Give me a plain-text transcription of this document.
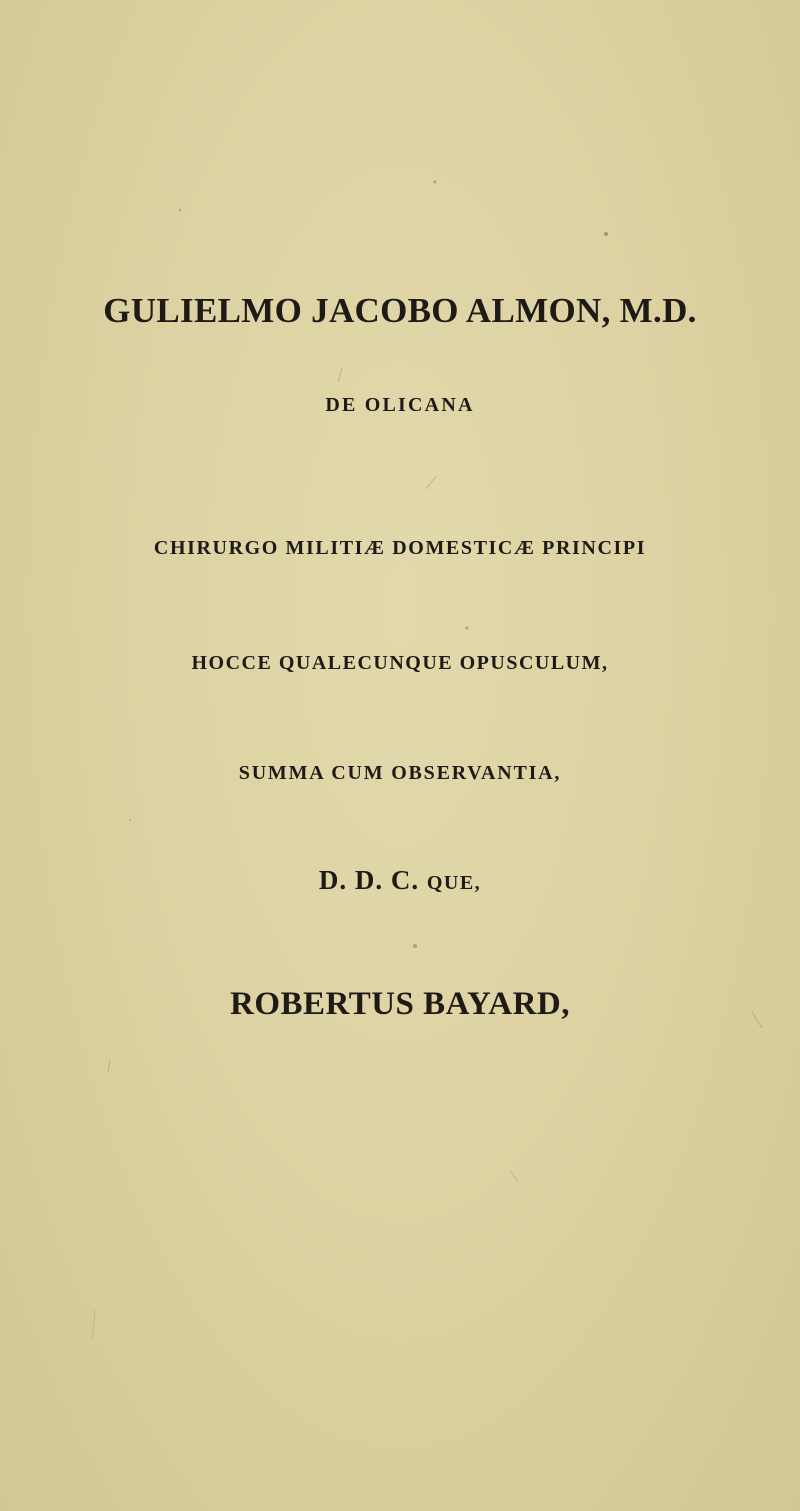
GULIELMO JACOBO ALMON, M.D.
DE OLICANA
CHIRURGO MILITIÆ DOMESTICÆ PRINCIPI
HOCCE QUALECUNQUE OPUSCULUM,
SUMMA CUM OBSERVANTIA,
D. D. C. QUE,
ROBERTUS BAYARD,
